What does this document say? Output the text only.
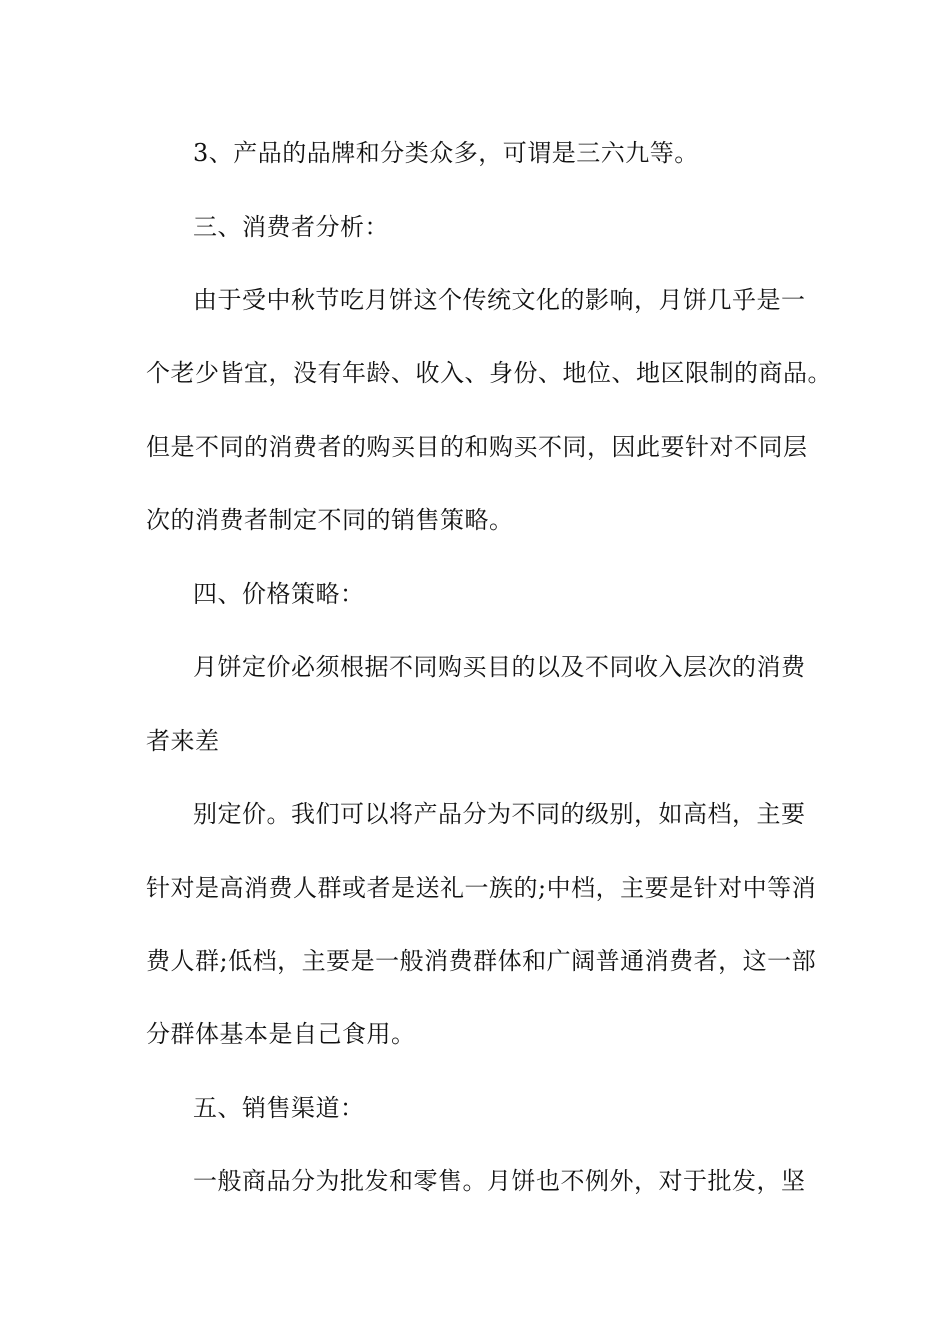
3、产品的品牌和分类众多，可谓是三六九等。
三、消费者分析：
由于受中秋节吃月饼这个传统文化的影响，月饼几乎是一
个老少皆宜，没有年龄、收入、身份、地位、地区限制的商品。
但是不同的消费者的购买目的和购买不同，因此要针对不同层
次的消费者制定不同的销售策略。
四、价格策略：
月饼定价必须根据不同购买目的以及不同收入层次的消费
者来差
别定价。我们可以将产品分为不同的级别，如高档，主要
针对是高消费人群或者是送礼一族的;中档，主要是针对中等消
费人群;低档，主要是一般消费群体和广阔普通消费者，这一部
分群体基本是自己食用。
五、销售渠道：
一般商品分为批发和零售。月饼也不例外，对于批发，坚
